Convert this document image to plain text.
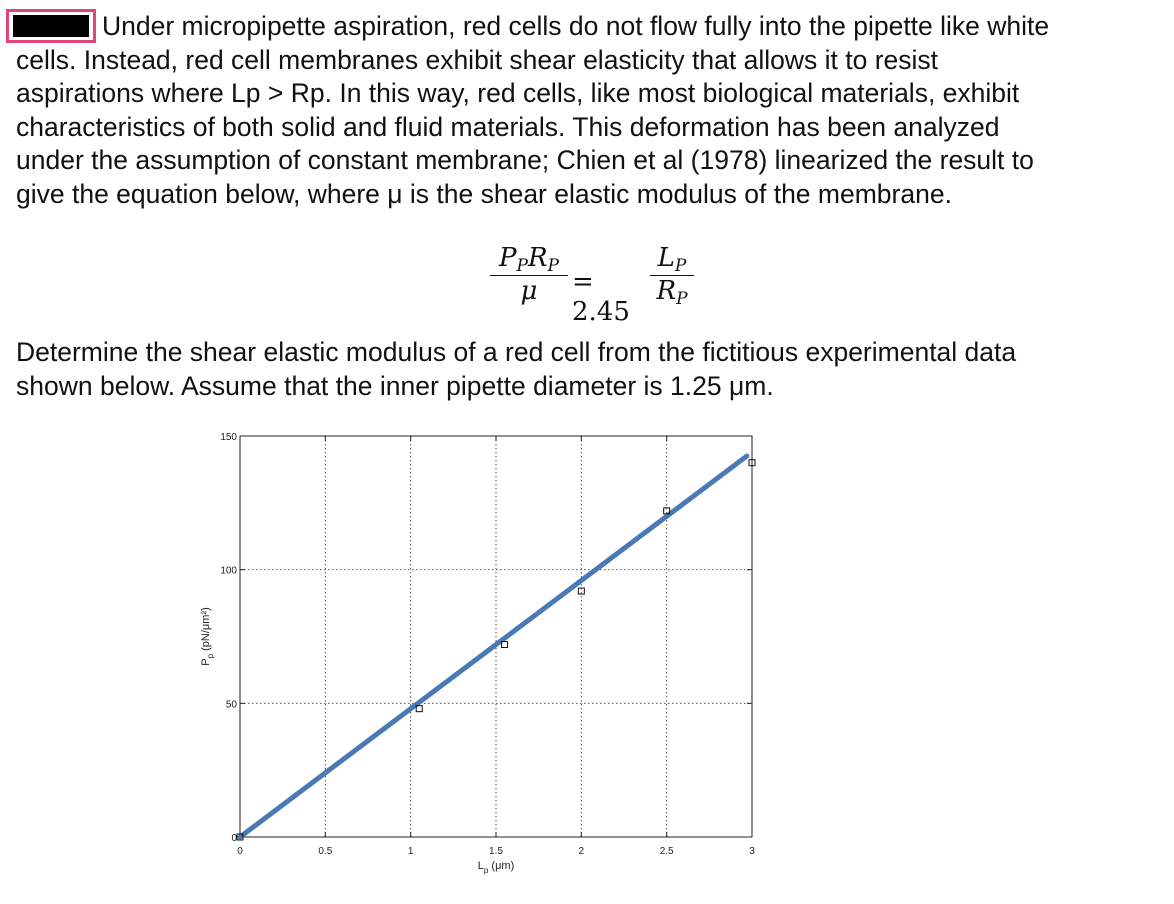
Under micropipette aspiration, red cells do not flow fully into the pipette like white
cells. Instead, red cell membranes exhibit shear elasticity that allows it to resist
aspirations where Lp > Rp. In this way, red cells, like most biological materials, exhibit
characteristics of both solid and fluid materials. This deformation has been analyzed
under the assumption of constant membrane; Chien et al (1978) linearized the result to
give the equation below, where μ is the shear elastic modulus of the membrane.
PPRP
μ	= 2.45
LP
RP
Determine the shear elastic modulus of a red cell from the fictitious experimental data
shown below. Assume that the inner pipette diameter is 1.25 μm.
0	0.5	1	1.5	2	2.5	3
0
50
100
150
$L_p$ (μm)
$P_p$ (pN/μm²)
